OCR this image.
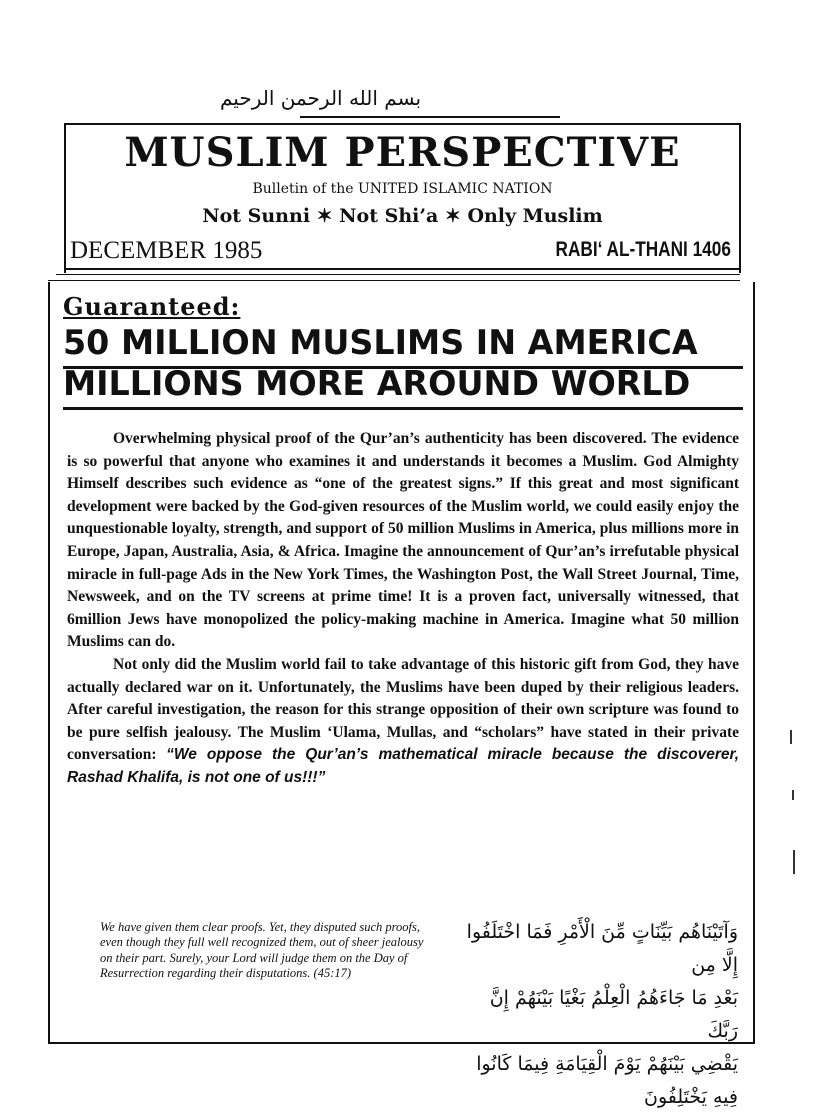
بسم الله الرحمن الرحيم
MUSLIM PERSPECTIVE
Bulletin of the UNITED ISLAMIC NATION
Not Sunni ✶ Not Shi’a ✶ Only Muslim
DECEMBER 1985	RABI‘ AL-THANI 1406
Guaranteed:
50 MILLION MUSLIMS IN AMERICA
MILLIONS MORE AROUND WORLD

Overwhelming physical proof of the Qur’an’s authenticity has been discovered. The evidence is so powerful that anyone who examines it and understands it becomes a Muslim. God Almighty Himself describes such evidence as “one of the greatest signs.” If this great and most significant development were backed by the God-given resources of the Muslim world, we could easily enjoy the unquestionable loyalty, strength, and support of 50 million Muslims in America, plus millions more in Europe, Japan, Australia, Asia, & Africa. Imagine the announcement of Qur’an’s irrefutable physical miracle in full-page Ads in the New York Times, the Washington Post, the Wall Street Journal, Time, Newsweek, and on the TV screens at prime time! It is a proven fact, universally witnessed, that 6million Jews have monopolized the policy-making machine in America. Imagine what 50 million Muslims can do.

Not only did the Muslim world fail to take advantage of this historic gift from God, they have actually declared war on it. Unfortunately, the Muslims have been duped by their religious leaders. After careful investigation, the reason for this strange opposition of their own scripture was found to be pure selfish jealousy. The Muslim ‘Ulama, Mullas, and “scholars” have stated in their private conversation: “We oppose the Qur’an’s mathematical miracle because the discoverer, Rashad Khalifa, is not one of us!!!”

We have given them clear proofs. Yet, they disputed such proofs, even though they full well recognized them, out of sheer jealousy on their part. Surely, your Lord will judge them on the Day of Resurrection regarding their disputations. (45:17)
وَآتَيْنَاهُم بَيِّنَاتٍ مِّنَ الْأَمْرِ فَمَا اخْتَلَفُوا إِلَّا مِن
بَعْدِ مَا جَاءَهُمُ الْعِلْمُ بَغْيًا بَيْنَهُمْ إِنَّ رَبَّكَ
يَقْضِي بَيْنَهُمْ يَوْمَ الْقِيَامَةِ فِيمَا كَانُوا فِيهِ يَخْتَلِفُونَ
